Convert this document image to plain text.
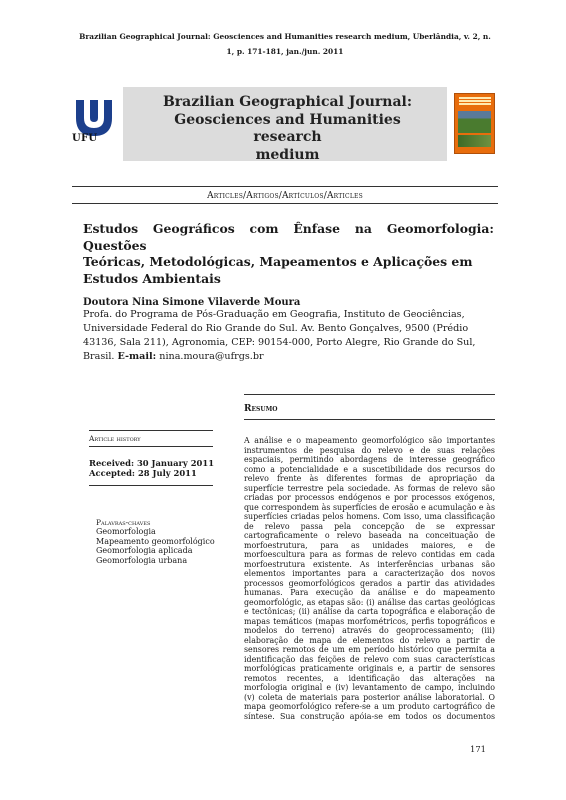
Brazilian Geographical Journal: Geosciences and Humanities research medium, Uberlândia, v. 2, n.
1, p. 171-181, jan./jun. 2011
UFU
Brazilian Geographical Journal:
Geosciences and Humanities research
medium
Articles/Artigos/Artículos/Articles
Estudos Geográficos com Ênfase na Geomorfologia: Questões
Teóricas, Metodológicas, Mapeamentos e Aplicações em
Estudos Ambientais
Doutora Nina Simone Vilaverde Moura
Profa. do Programa de Pós-Graduação em Geografia, Instituto de Geociências,
Universidade Federal do Rio Grande do Sul. Av. Bento Gonçalves, 9500 (Prédio
43136, Sala 211), Agronomia, CEP: 90154-000, Porto Alegre, Rio Grande do Sul,
Brasil. E-mail: nina.moura@ufrgs.br
Resumo
Article history
Received: 30 January 2011
Accepted: 28 July 2011
Palavras-chaves
Geomorfologia
Mapeamento geomorfológico
Geomorfologia aplicada
Geomorfologia urbana
A análise e o mapeamento geomorfológico são importantes
instrumentos de pesquisa do relevo e de suas relações
espaciais, permitindo abordagens de interesse geográfico
como a potencialidade e a suscetibilidade dos recursos do
relevo frente às diferentes formas de apropriação da
superfície terrestre pela sociedade. As formas de relevo são
criadas por processos endógenos e por processos exógenos,
que correspondem às superfícies de erosão e acumulação e às
superfícies criadas pelos homens. Com isso, uma classificação
de relevo passa pela concepção de se expressar
cartograficamente o relevo baseada na conceituação de
morfoestrutura, para as unidades maiores, e de
morfoescultura para as formas de relevo contidas em cada
morfoestrutura existente. As interferências urbanas são
elementos importantes para a caracterização dos novos
processos geomorfológicos gerados a partir das atividades
humanas. Para execução da análise e do mapeamento
geomorfológic, as etapas são: (i) análise das cartas geológicas
e tectônicas; (ii) análise da carta topográfica e elaboração de
mapas temáticos (mapas morfométricos, perfis topográficos e
modelos do terreno) através do geoprocessamento; (iii)
elaboração de mapa de elementos do relevo a partir de
sensores remotos de um em período histórico que permita a
identificação das feições de relevo com suas características
morfológicas praticamente originais e, a partir de sensores
remotos recentes, a identificação das alterações na
morfologia original e (iv) levantamento de campo, incluindo
(v) coleta de materiais para posterior análise laboratorial. O
mapa geomorfológico refere-se a um produto cartográfico de
síntese. Sua construção apóia-se em todos os documentos
171
